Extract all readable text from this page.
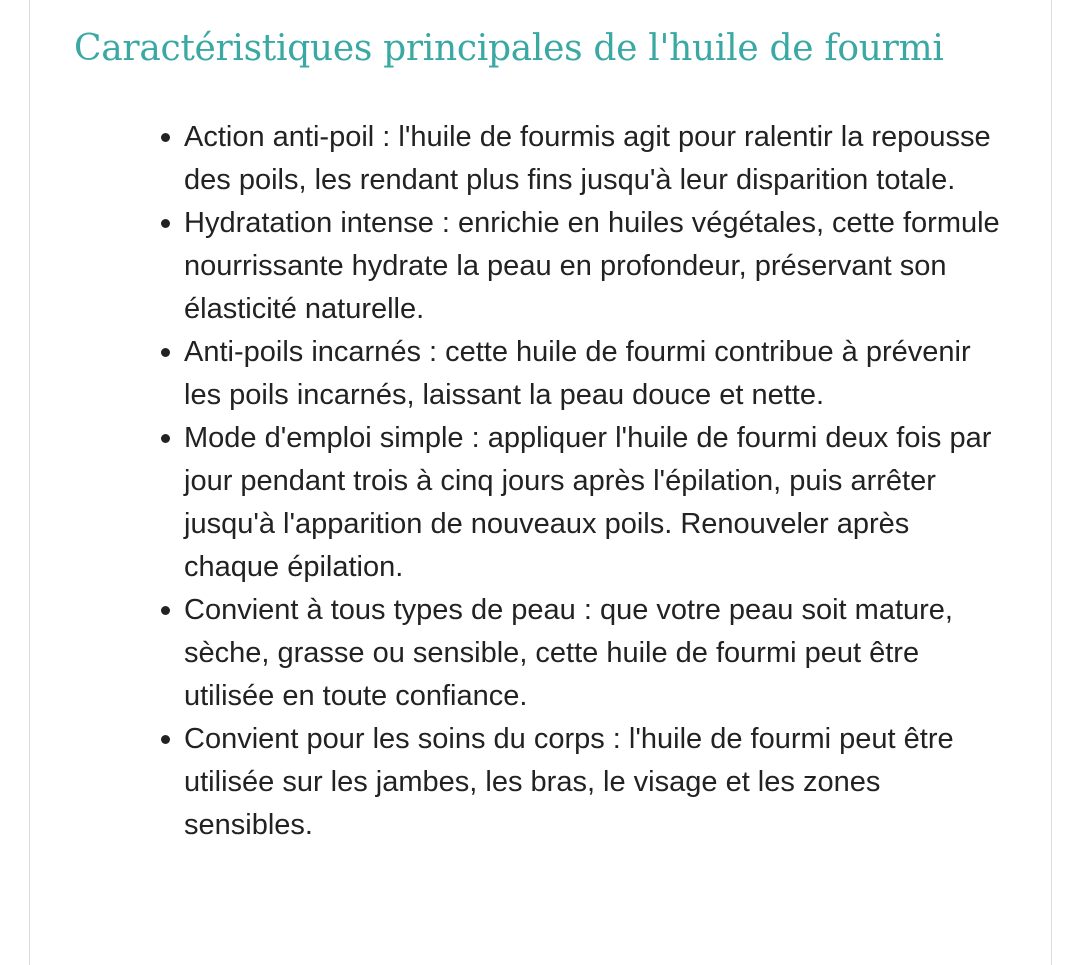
Caractéristiques principales de l'huile de fourmi
Action anti-poil : l'huile de fourmis agit pour ralentir la repousse des poils, les rendant plus fins jusqu'à leur disparition totale.
Hydratation intense : enrichie en huiles végétales, cette formule nourrissante hydrate la peau en profondeur, préservant son élasticité naturelle.
Anti-poils incarnés : cette huile de fourmi contribue à prévenir les poils incarnés, laissant la peau douce et nette.
Mode d'emploi simple : appliquer l'huile de fourmi deux fois par jour pendant trois à cinq jours après l'épilation, puis arrêter jusqu'à l'apparition de nouveaux poils. Renouveler après chaque épilation.
Convient à tous types de peau : que votre peau soit mature, sèche, grasse ou sensible, cette huile de fourmi peut être utilisée en toute confiance.
Convient pour les soins du corps : l'huile de fourmi peut être utilisée sur les jambes, les bras, le visage et les zones sensibles.
